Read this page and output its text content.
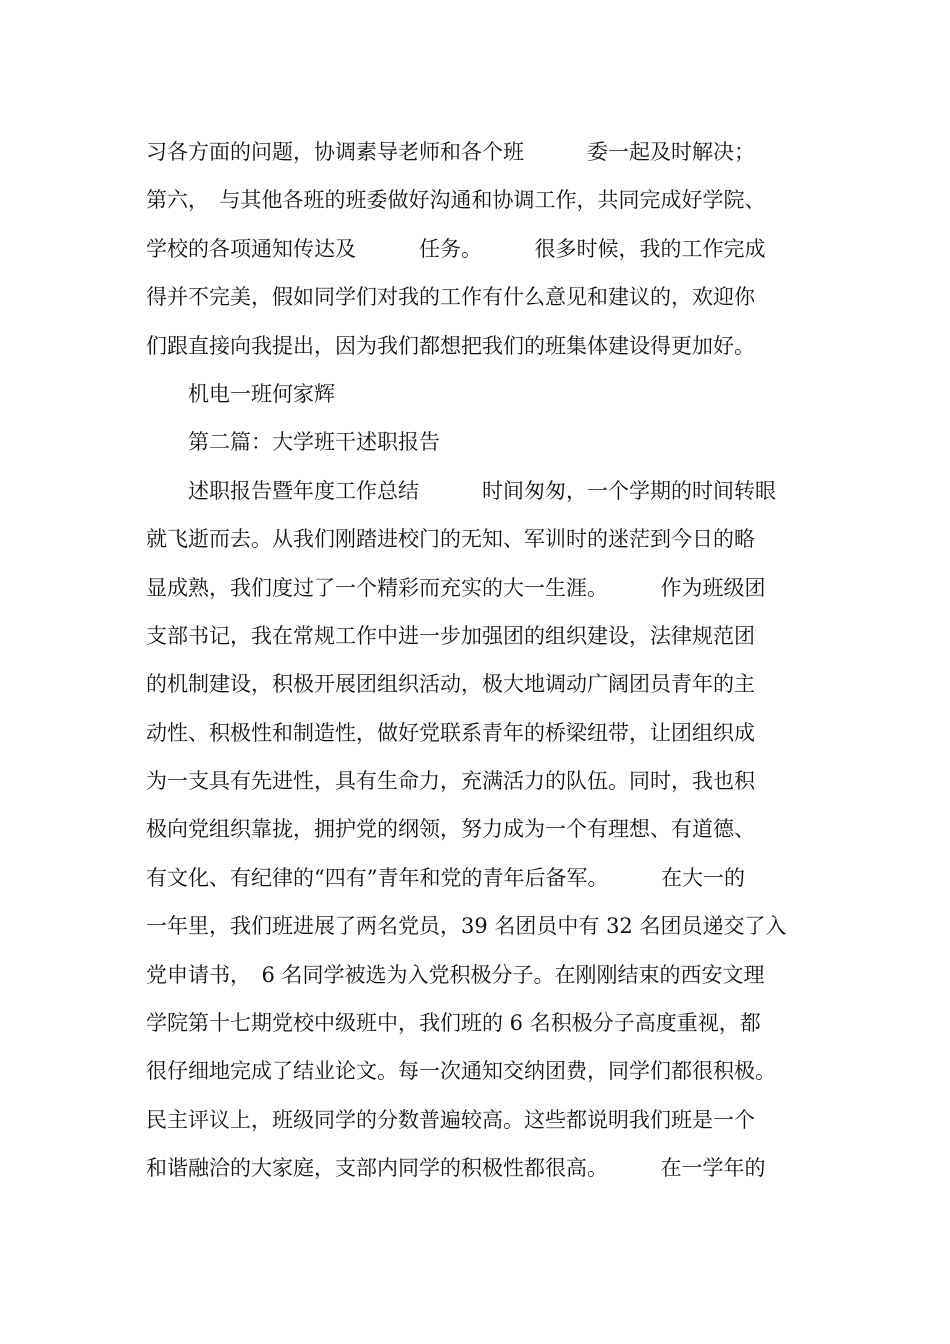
习各方面的问题，协调素导老师和各个班　　　委一起及时解决；
第六，　与其他各班的班委做好沟通和协调工作，共同完成好学院、
学校的各项通知传达及　　　任务。　　　很多时候，我的工作完成
得并不完美，假如同学们对我的工作有什么意见和建议的，欢迎你
们跟直接向我提出，因为我们都想把我们的班集体建设得更加好。
　　机电一班何家辉
　　第二篇：大学班干述职报告
　　述职报告暨年度工作总结　　　时间匆匆，一个学期的时间转眼
就飞逝而去。从我们刚踏进校门的无知、军训时的迷茫到今日的略
显成熟，我们度过了一个精彩而充实的大一生涯。　　　作为班级团
支部书记，我在常规工作中进一步加强团的组织建设，法律规范团
的机制建设，积极开展团组织活动，极大地调动广阔团员青年的主
动性、积极性和制造性，做好党联系青年的桥梁纽带，让团组织成
为一支具有先进性，具有生命力，充满活力的队伍。同时，我也积
极向党组织靠拢，拥护党的纲领，努力成为一个有理想、有道德、
有文化、有纪律的“四有”青年和党的青年后备军。　　　在大一的
一年里，我们班进展了两名党员，39 名团员中有 32 名团员递交了入
党申请书，　6 名同学被选为入党积极分子。在刚刚结束的西安文理
学院第十七期党校中级班中，我们班的 6 名积极分子高度重视，都
很仔细地完成了结业论文。每一次通知交纳团费，同学们都很积极。
民主评议上，班级同学的分数普遍较高。这些都说明我们班是一个
和谐融洽的大家庭，支部内同学的积极性都很高。　　　在一学年的
